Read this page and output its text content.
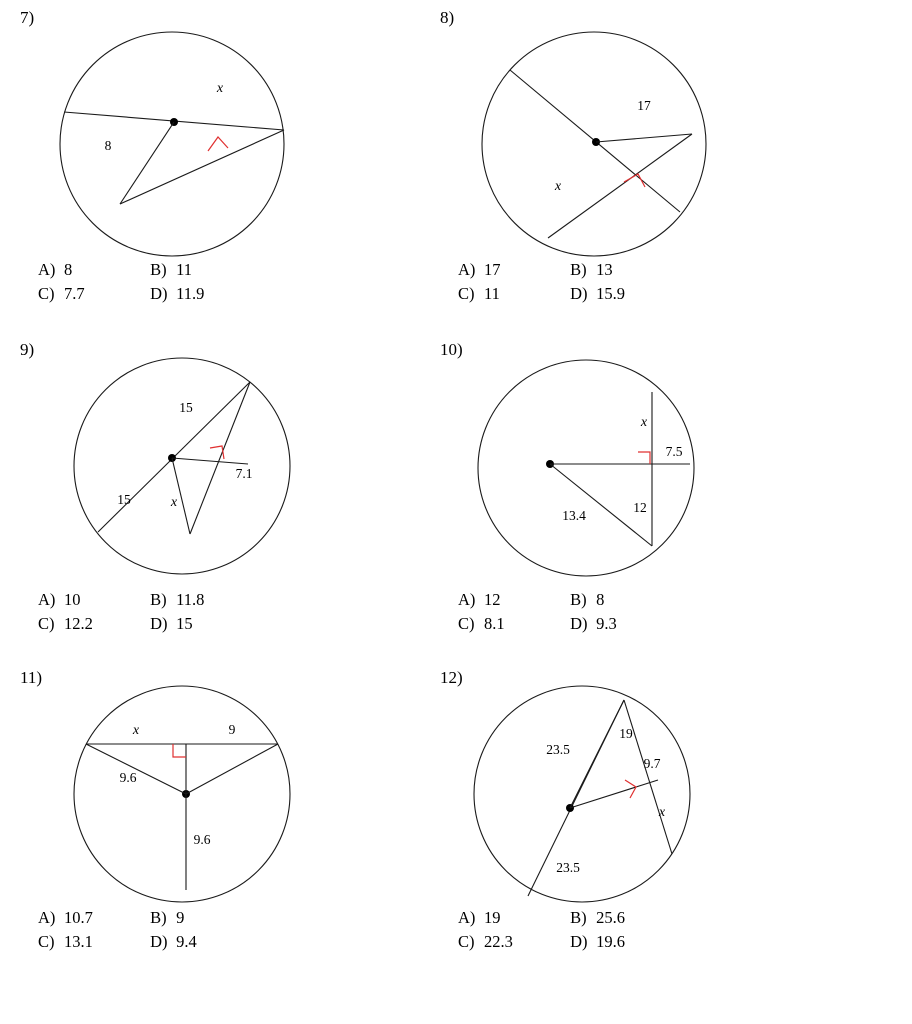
7)
x
8
A) 8	B) 11
C) 7.7	D) 11.9
8)
17
x
A) 17	B) 13
C) 11	D) 15.9
9)
15
7.1
15	x
A) 10	B) 11.8
C) 12.2	D) 15
10)
x
7.5
13.4
12
A) 12	B) 8
C) 8.1	D) 9.3
11)
x	9
9.6
9.6
A) 10.7	B) 9
C) 13.1	D) 9.4
12)
19
23.5
9.7
x
23.5
A) 19	B) 25.6
C) 22.3	D) 19.6
